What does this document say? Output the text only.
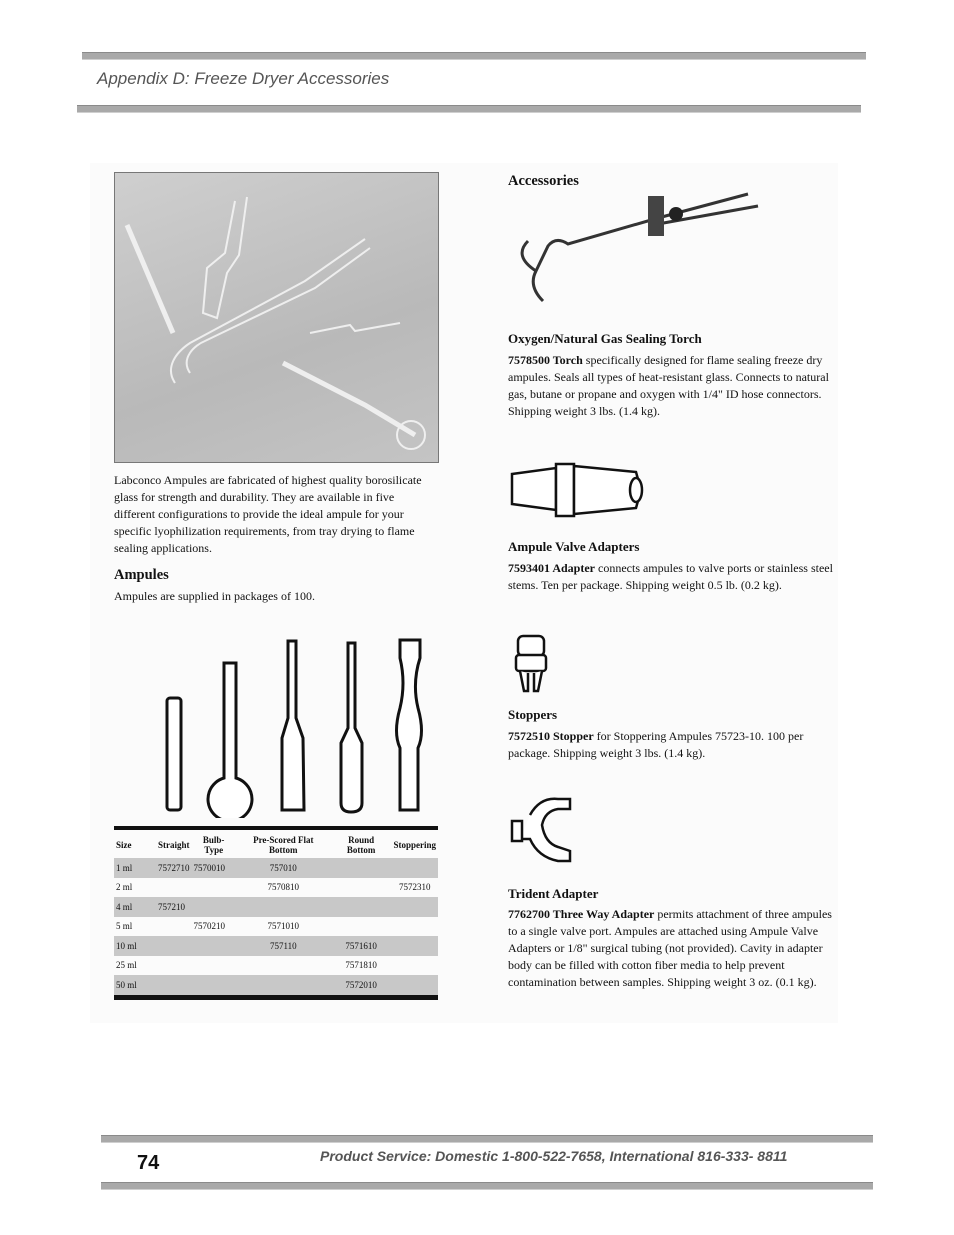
Appendix D: Freeze Dryer Accessories
Labconco Ampules are fabricated of highest quality borosilicate glass for strength and durability. They are available in five different configurations to provide the ideal ampule for your specific lyophilization requirements, from tray drying to flame sealing applications.
Ampules
Ampules are supplied in packages of 100.
Size	Straight	Bulb-Type	Pre-Scored Flat Bottom	Round Bottom	Stoppering
1 ml	7572710	7570010	757010		
2 ml			7570810		7572310
4 ml	757210				
5 ml		7570210	7571010		
10 ml			757110	7571610	
25 ml				7571810	
50 ml				7572010	
Accessories
Oxygen/Natural Gas Sealing Torch
7578500 Torch specifically designed for flame sealing freeze dry ampules. Seals all types of heat-resistant glass. Connects to natural gas, butane or propane and oxygen with 1/4" ID hose connectors. Shipping weight 3 lbs. (1.4 kg).
Ampule Valve Adapters
7593401 Adapter connects ampules to valve ports or stainless steel stems. Ten per package. Shipping weight 0.5 lb. (0.2 kg).
Stoppers
7572510 Stopper for Stoppering Ampules 75723-10. 100 per package. Shipping weight 3 lbs. (1.4 kg).
Trident Adapter
7762700 Three Way Adapter permits attachment of three ampules to a single valve port. Ampules are attached using Ampule Valve Adapters or 1/8" surgical tubing (not provided). Cavity in adapter body can be filled with cotton fiber media to help prevent contamination between samples. Shipping weight 3 oz. (0.1 kg).
74	Product Service: Domestic 1-800-522-7658, International 816-333- 8811
